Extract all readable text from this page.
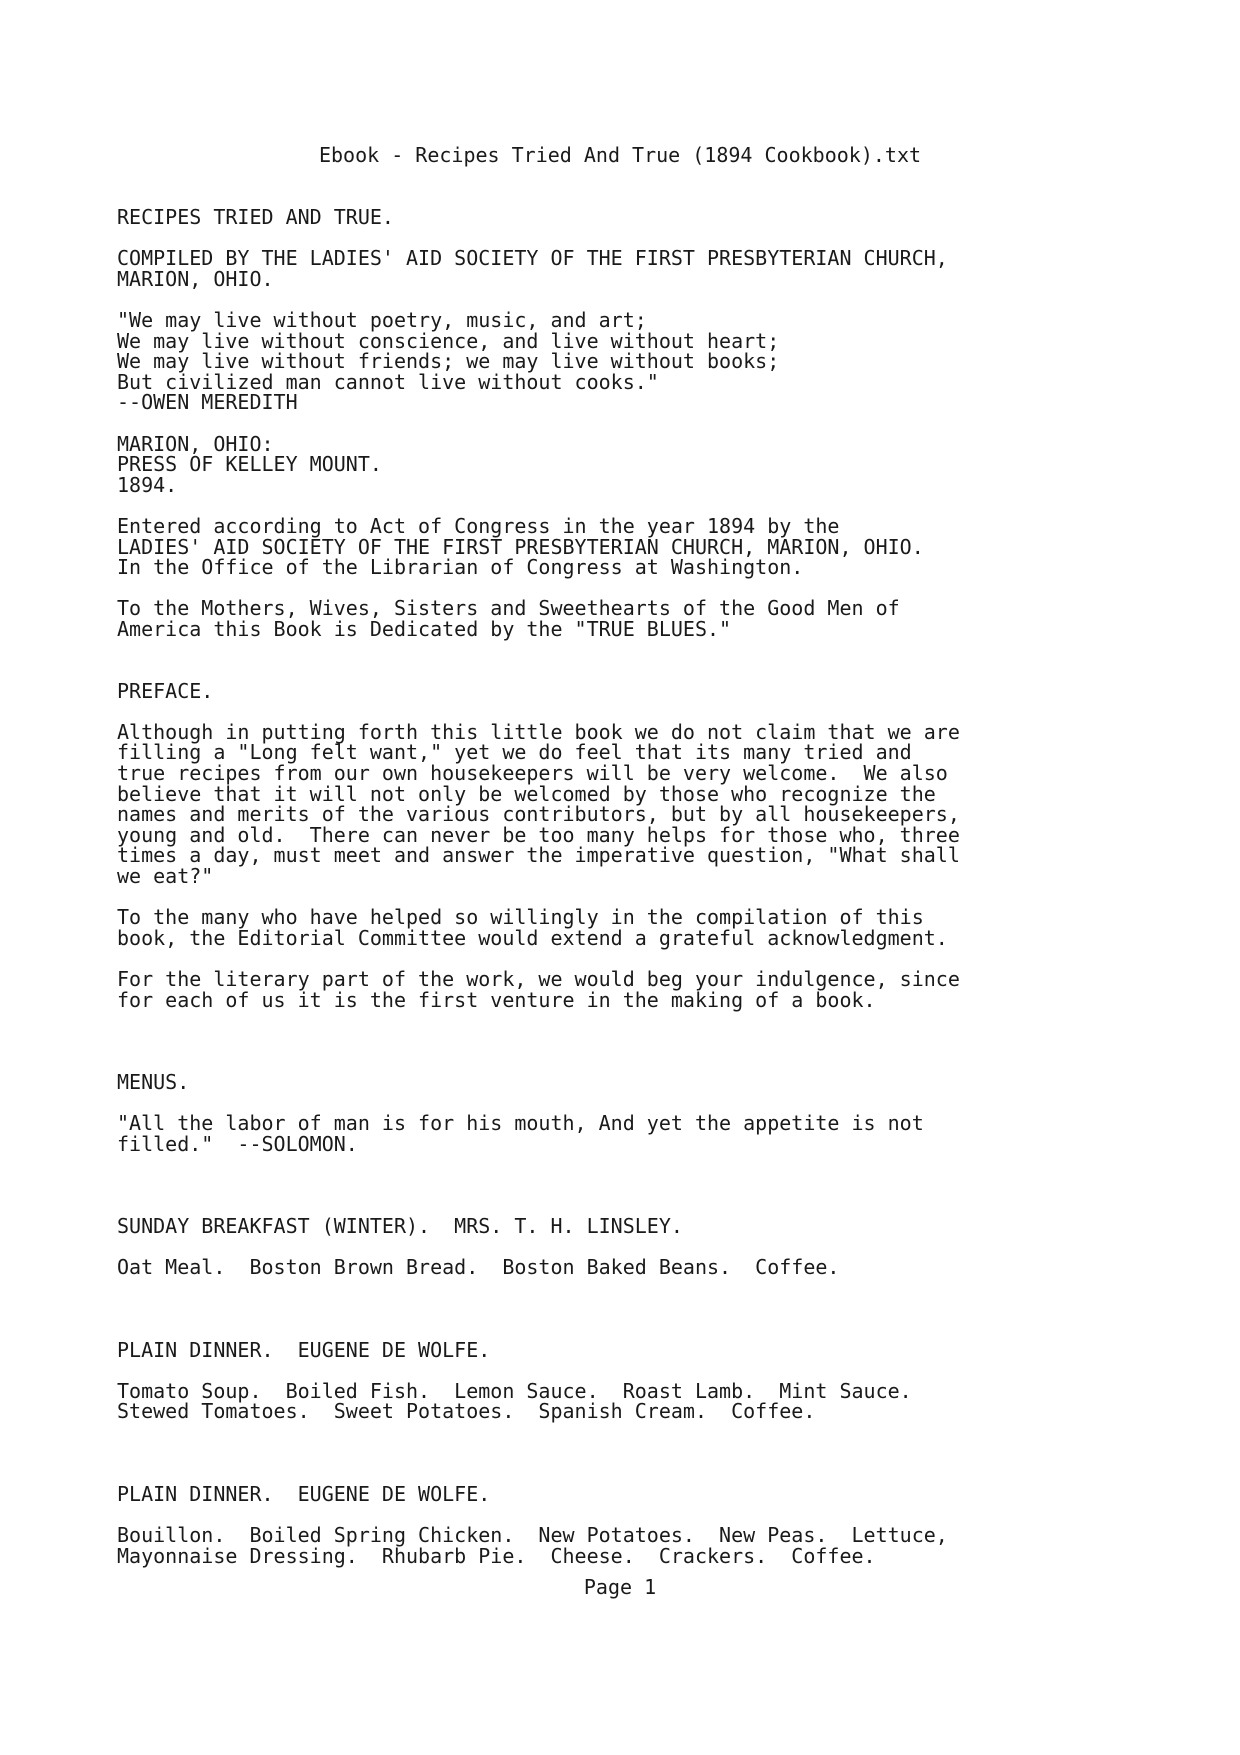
Ebook - Recipes Tried And True (1894 Cookbook).txt
RECIPES TRIED AND TRUE.
COMPILED BY THE LADIES' AID SOCIETY OF THE FIRST PRESBYTERIAN CHURCH,
MARION, OHIO.
"We may live without poetry, music, and art;
We may live without conscience, and live without heart;
We may live without friends; we may live without books;
But civilized man cannot live without cooks."
--OWEN MEREDITH
MARION, OHIO:
PRESS OF KELLEY MOUNT.
1894.
Entered according to Act of Congress in the year 1894 by the
LADIES' AID SOCIETY OF THE FIRST PRESBYTERIAN CHURCH, MARION, OHIO.
In the Office of the Librarian of Congress at Washington.
To the Mothers, Wives, Sisters and Sweethearts of the Good Men of
America this Book is Dedicated by the "TRUE BLUES."
PREFACE.
Although in putting forth this little book we do not claim that we are
filling a "Long felt want," yet we do feel that its many tried and
true recipes from our own housekeepers will be very welcome.  We also
believe that it will not only be welcomed by those who recognize the
names and merits of the various contributors, but by all housekeepers,
young and old.  There can never be too many helps for those who, three
times a day, must meet and answer the imperative question, "What shall
we eat?"
To the many who have helped so willingly in the compilation of this
book, the Editorial Committee would extend a grateful acknowledgment.
For the literary part of the work, we would beg your indulgence, since
for each of us it is the first venture in the making of a book.
MENUS.
"All the labor of man is for his mouth, And yet the appetite is not
filled."  --SOLOMON.
SUNDAY BREAKFAST (WINTER).  MRS. T. H. LINSLEY.
Oat Meal.  Boston Brown Bread.  Boston Baked Beans.  Coffee.
PLAIN DINNER.  EUGENE DE WOLFE.
Tomato Soup.  Boiled Fish.  Lemon Sauce.  Roast Lamb.  Mint Sauce.
Stewed Tomatoes.  Sweet Potatoes.  Spanish Cream.  Coffee.
PLAIN DINNER.  EUGENE DE WOLFE.
Bouillon.  Boiled Spring Chicken.  New Potatoes.  New Peas.  Lettuce,
Mayonnaise Dressing.  Rhubarb Pie.  Cheese.  Crackers.  Coffee.
Page 1
